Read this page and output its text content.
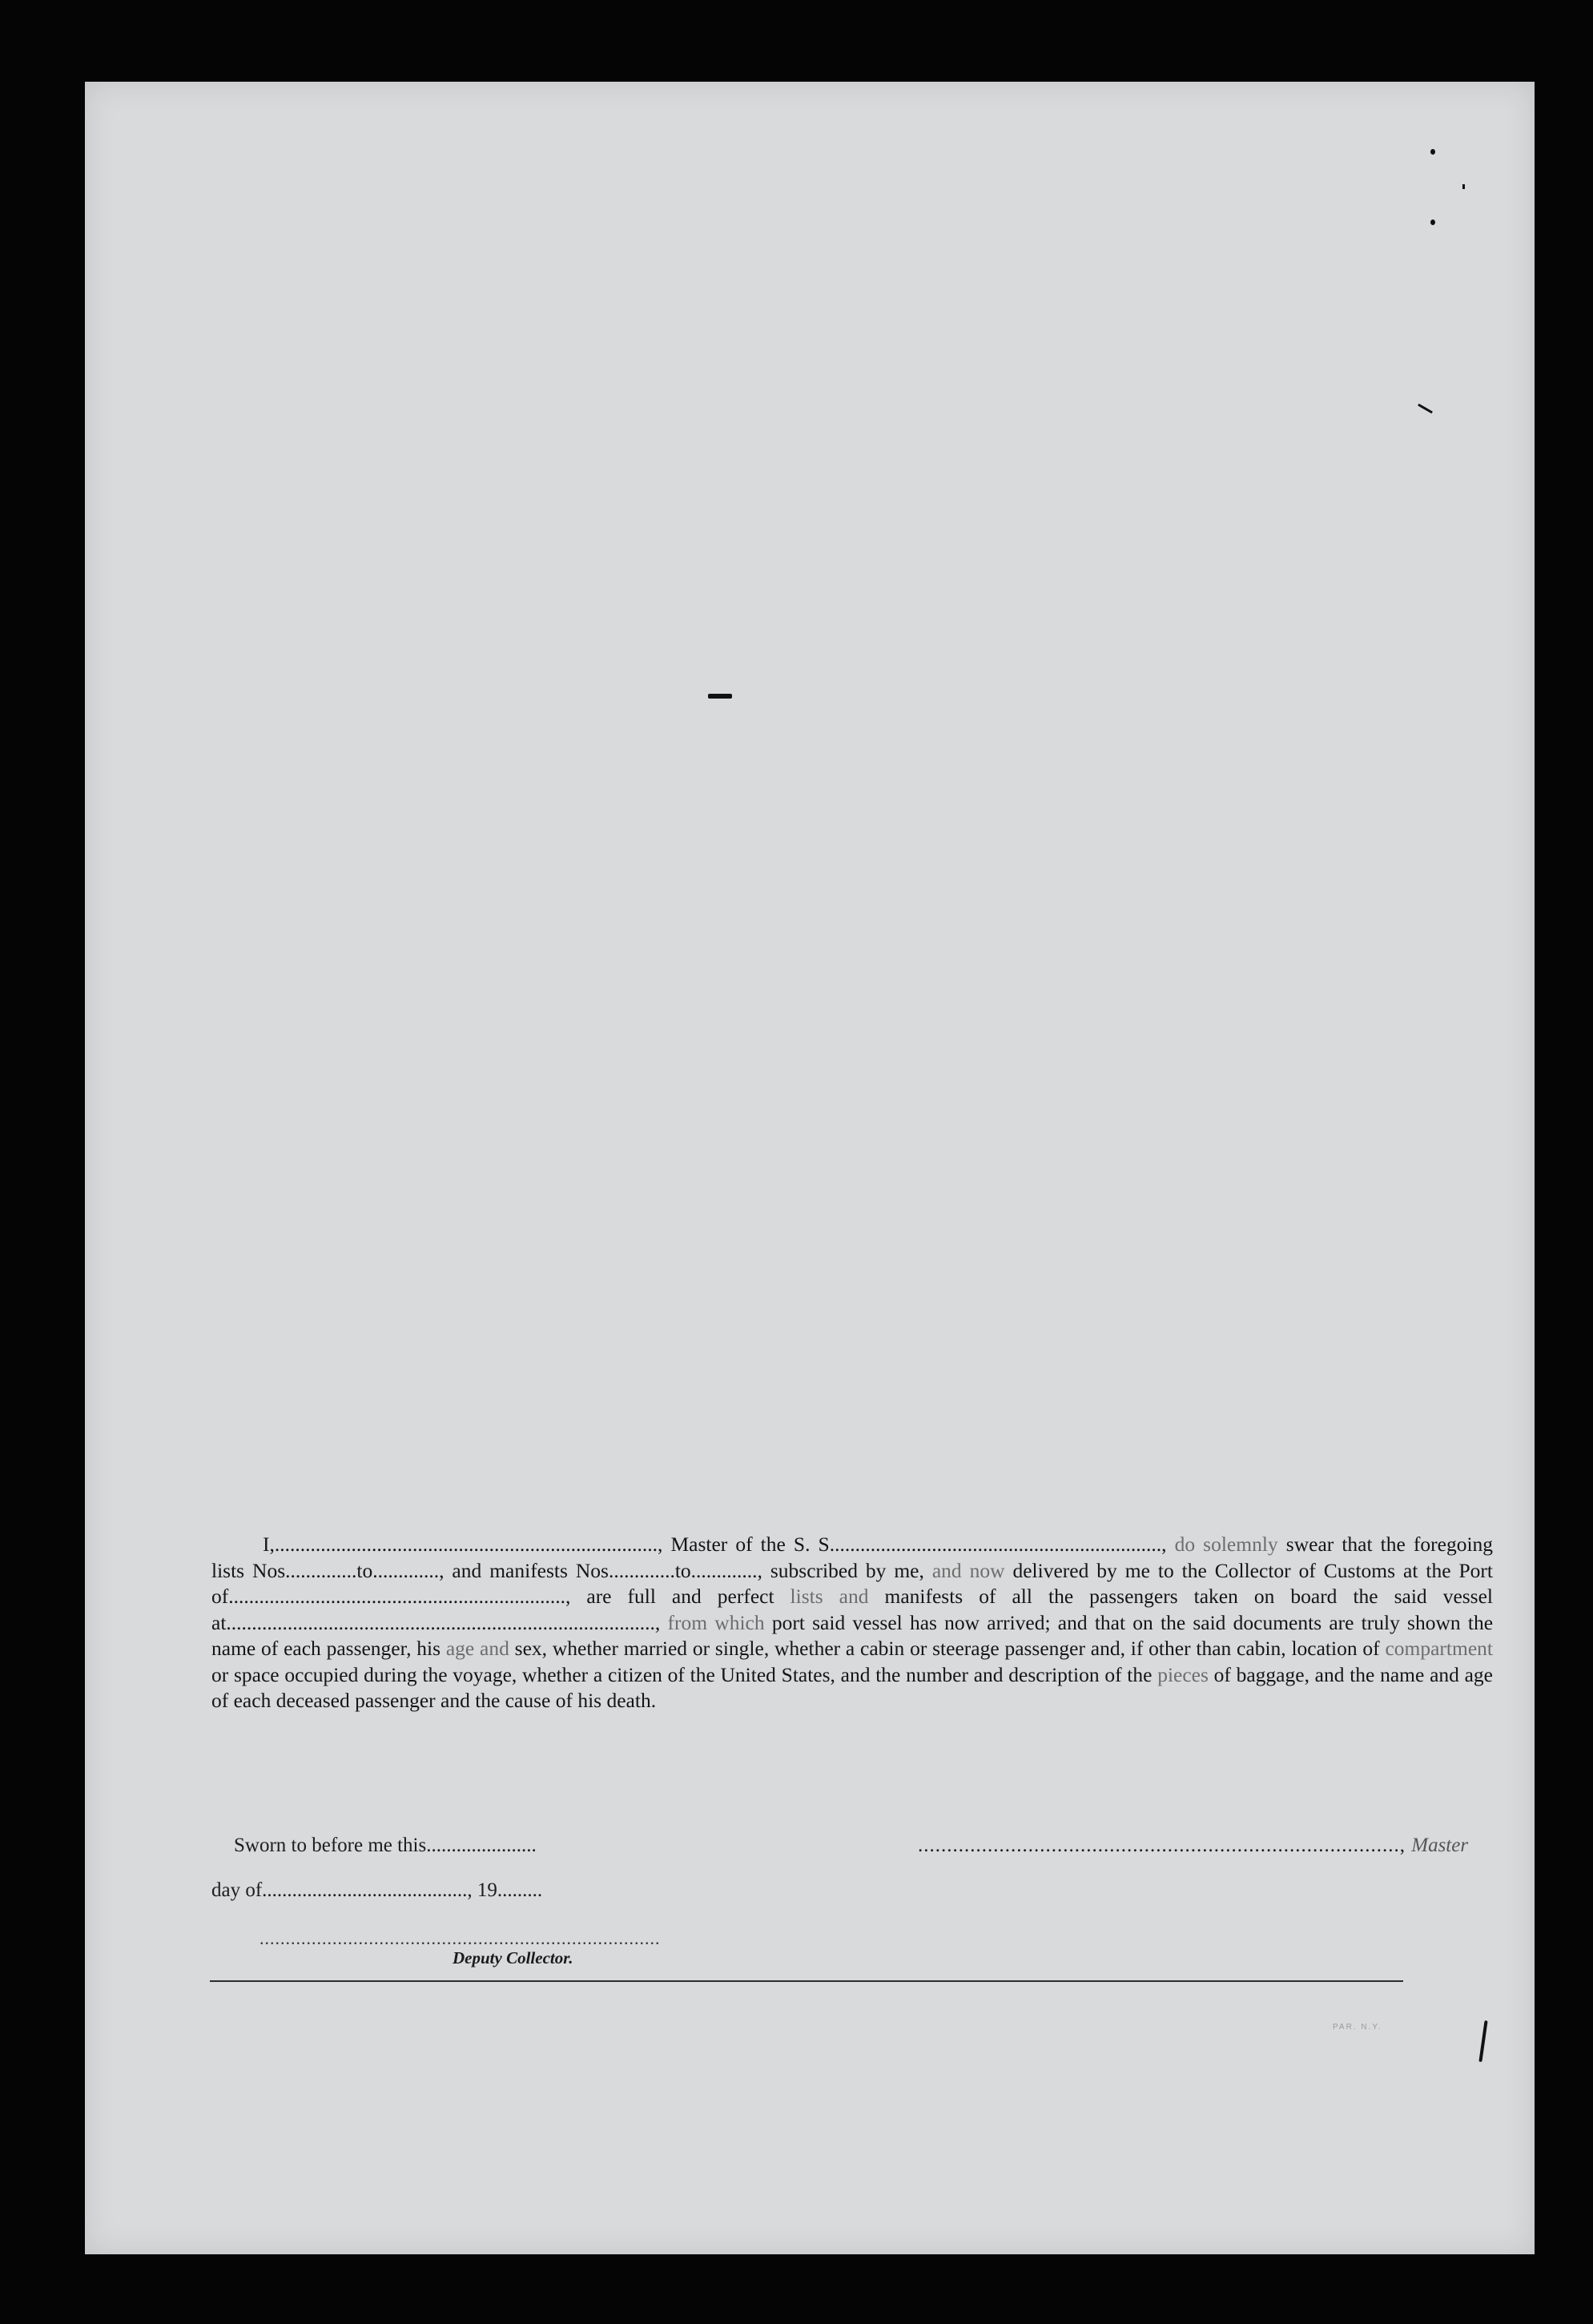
I,..........................................................................., Master of the S. S................................................................., do solemnly swear that the foregoing lists Nos..............to............., and manifests Nos.............to............., subscribed by me, and now delivered by me to the Collector of Customs at the Port of.................................................................., are full and perfect lists and manifests of all the passengers taken on board the said vessel at...................................................................................., from which port said vessel has now arrived; and that on the said documents are truly shown the name of each passenger, his age and sex, whether married or single, whether a cabin or steerage passenger and, if other than cabin, location of compartment or space occupied during the voyage, whether a citizen of the United States, and the number and description of the pieces of baggage, and the name and age of each deceased passenger and the cause of his death.
Sworn to before me this......................	..................................................................................., Master
day of........................................., 19.........
.............................................................................
Deputy Collector.
PAR. N.Y.
